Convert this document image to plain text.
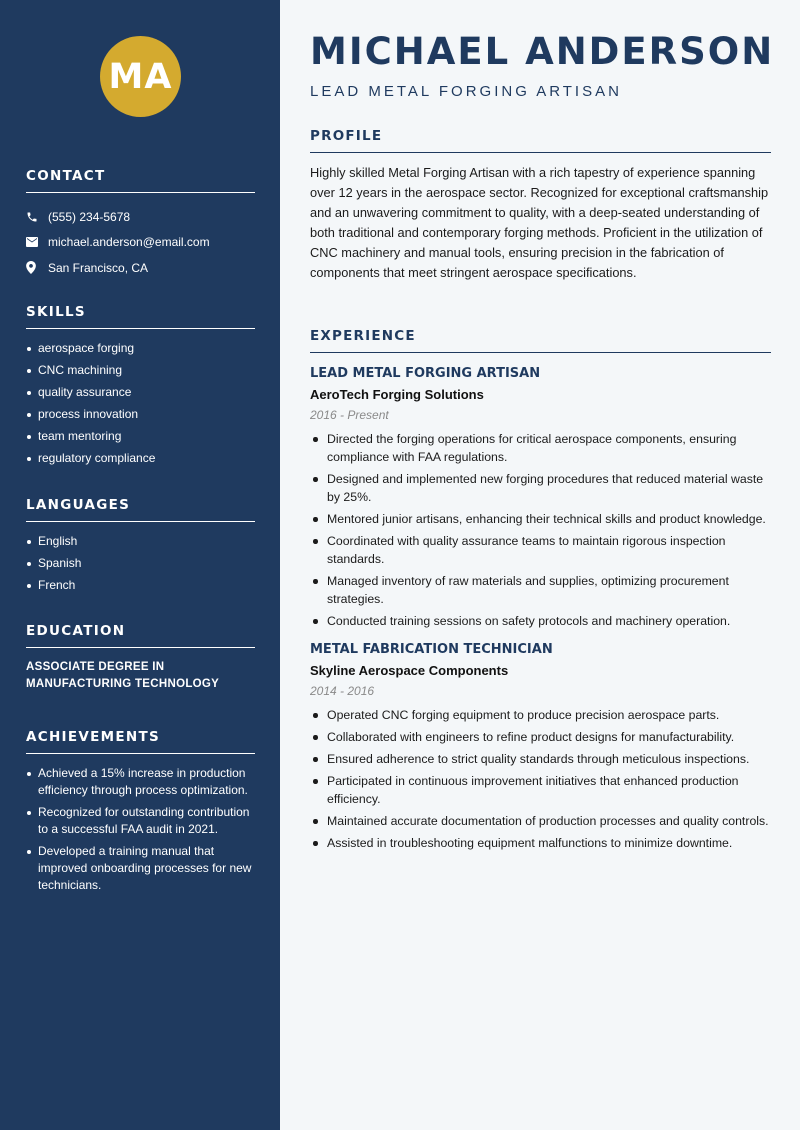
MA
CONTACT
(555) 234-5678
michael.anderson@email.com
San Francisco, CA
SKILLS
aerospace forging
CNC machining
quality assurance
process innovation
team mentoring
regulatory compliance
LANGUAGES
English
Spanish
French
EDUCATION
ASSOCIATE DEGREE IN
MANUFACTURING TECHNOLOGY
ACHIEVEMENTS
Achieved a 15% increase in production efficiency through process optimization.
Recognized for outstanding contribution to a successful FAA audit in 2021.
Developed a training manual that improved onboarding processes for new technicians.
MICHAEL ANDERSON
LEAD METAL FORGING ARTISAN
PROFILE

Highly skilled Metal Forging Artisan with a rich tapestry of experience spanning over 12 years in the aerospace sector. Recognized for exceptional craftsmanship and an unwavering commitment to quality, with a deep-seated understanding of both traditional and contemporary forging methods. Proficient in the utilization of CNC machinery and manual tools, ensuring precision in the fabrication of components that meet stringent aerospace specifications.

EXPERIENCE
LEAD METAL FORGING ARTISAN
AeroTech Forging Solutions
2016 - Present
Directed the forging operations for critical aerospace components, ensuring compliance with FAA regulations.
Designed and implemented new forging procedures that reduced material waste by 25%.
Mentored junior artisans, enhancing their technical skills and product knowledge.
Coordinated with quality assurance teams to maintain rigorous inspection standards.
Managed inventory of raw materials and supplies, optimizing procurement strategies.
Conducted training sessions on safety protocols and machinery operation.
METAL FABRICATION TECHNICIAN
Skyline Aerospace Components
2014 - 2016
Operated CNC forging equipment to produce precision aerospace parts.
Collaborated with engineers to refine product designs for manufacturability.
Ensured adherence to strict quality standards through meticulous inspections.
Participated in continuous improvement initiatives that enhanced production efficiency.
Maintained accurate documentation of production processes and quality controls.
Assisted in troubleshooting equipment malfunctions to minimize downtime.
